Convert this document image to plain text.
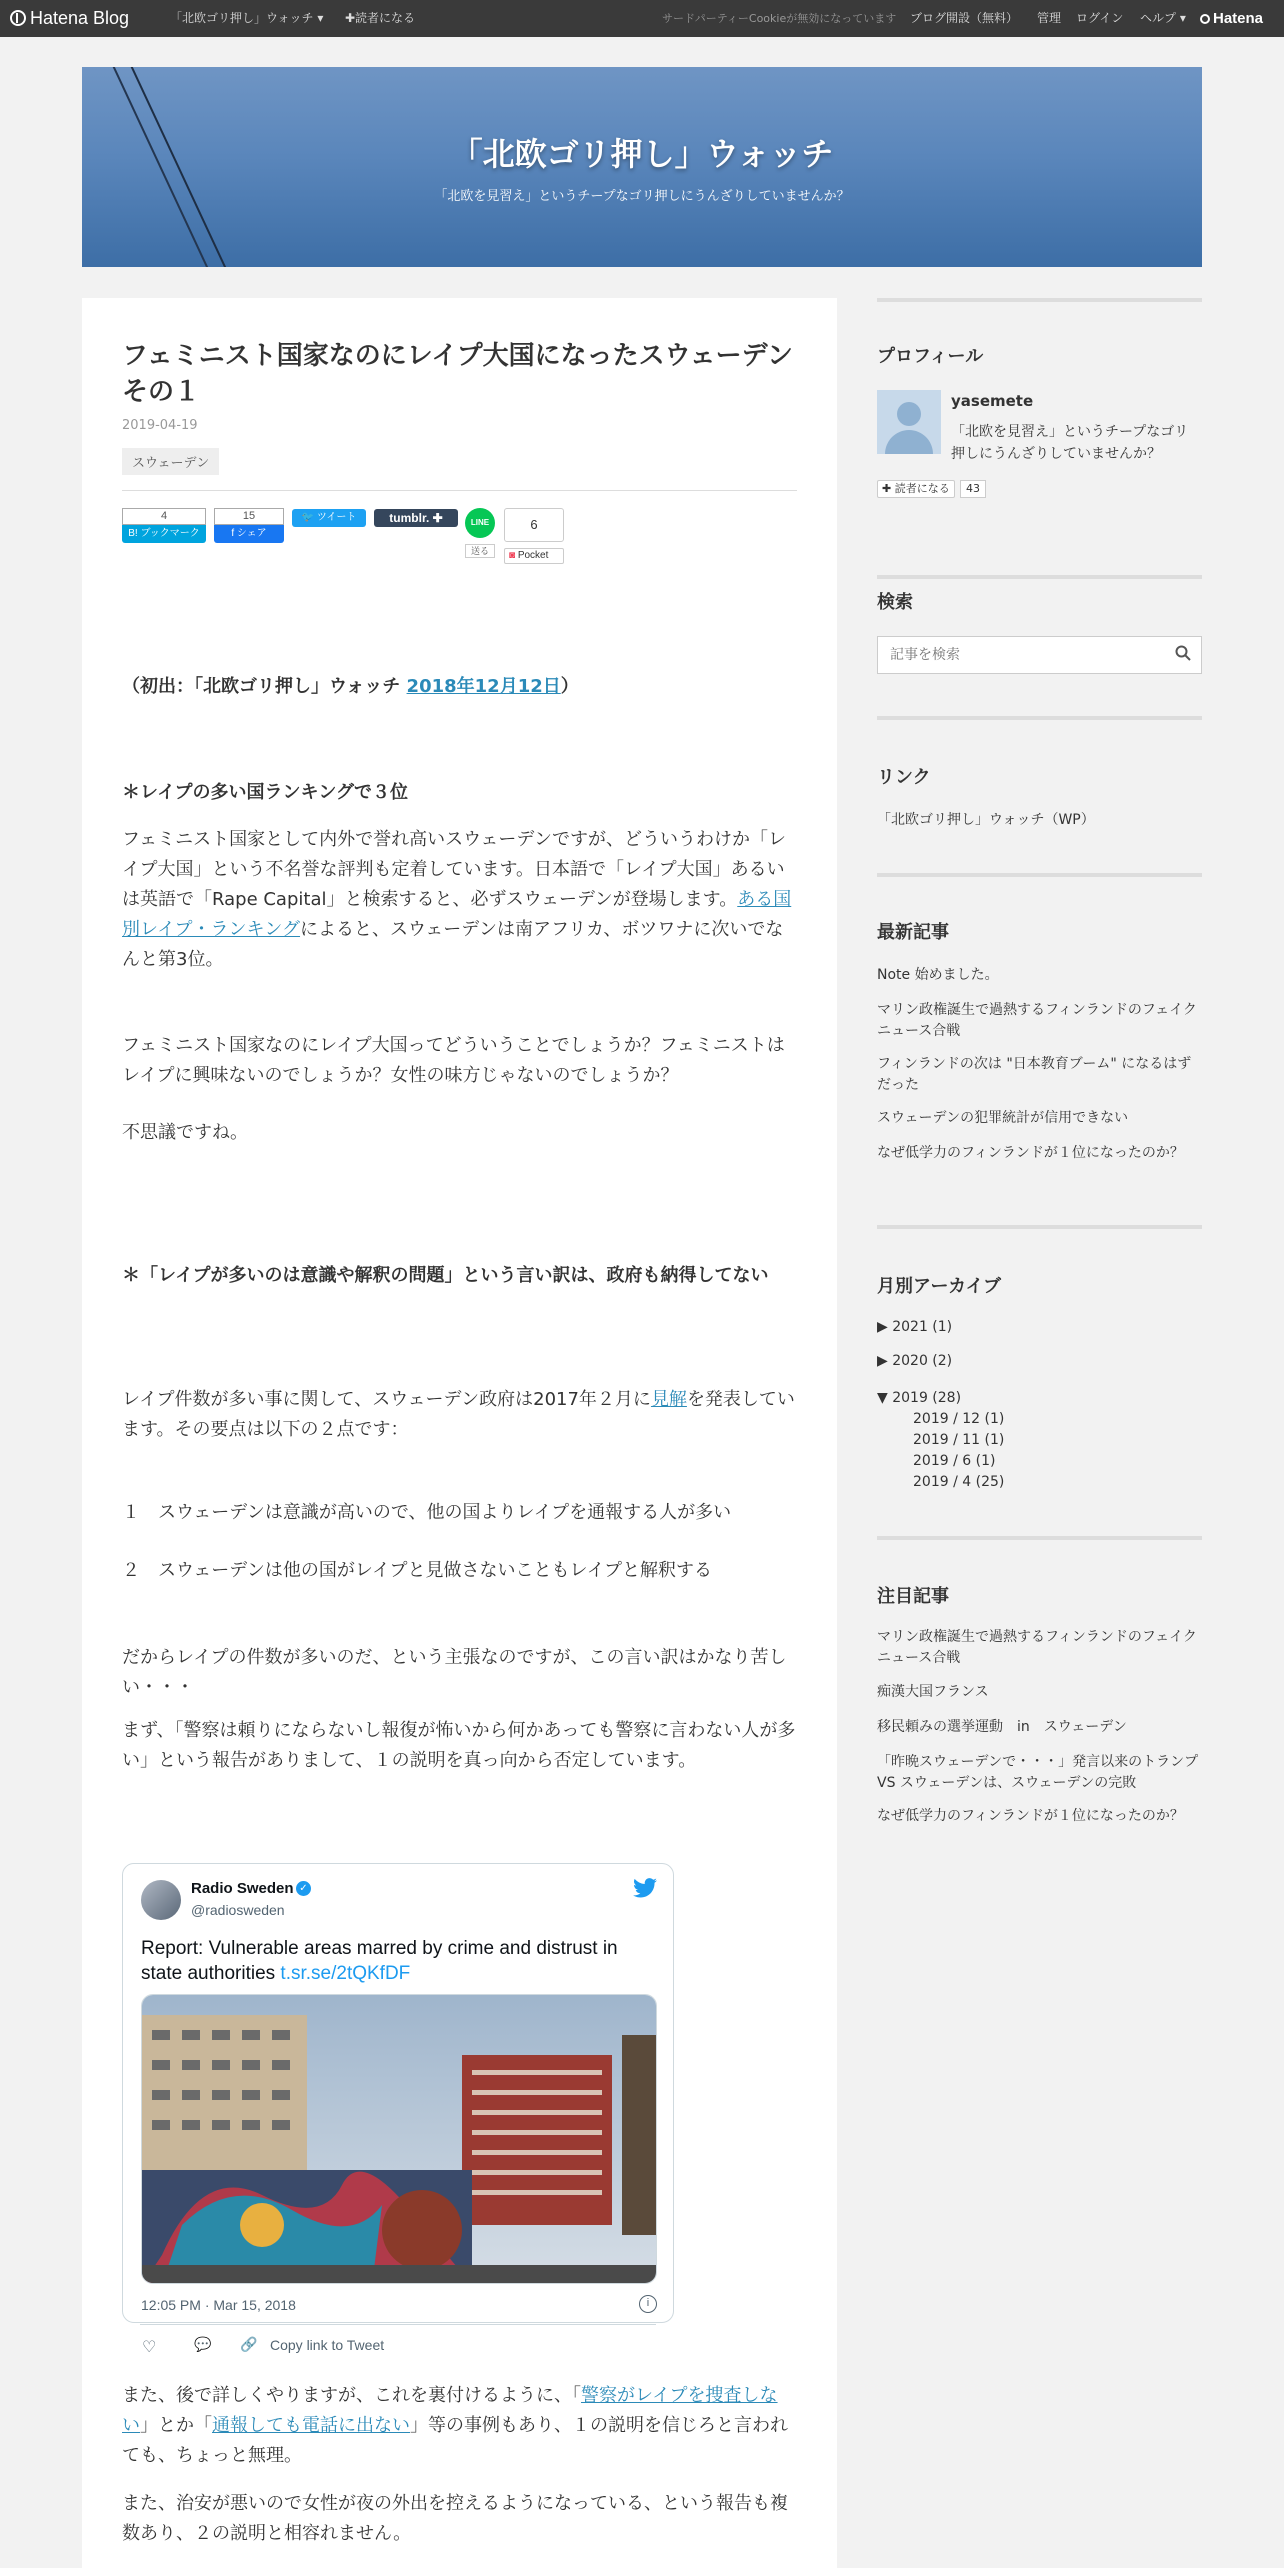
Hatena Blog	「北欧ゴリ押し」ウォッチ ▾ ✚読者になる	サードパーティーCookieが無効になっています ブログ開設（無料） 管理 ログイン ヘルプ ▾	Hatena
「北欧ゴリ押し」ウォッチ
「北欧を見習え」というチープなゴリ押しにうんざりしていませんか？
フェミニスト国家なのにレイプ大国になったスウェーデン　その１
2019-04-19
スウェーデン
4
B! ブックマーク
15
f シェア
🐦 ツイート	tumblr. ✚	LINE
送る
6
◙ Pocket
（初出：「北欧ゴリ押し」ウォッチ 2018年12月12日）
＊レイプの多い国ランキングで３位
フェミニスト国家として内外で誉れ高いスウェーデンですが、どういうわけか「レイプ大国」という不名誉な評判も定着しています。日本語で「レイプ大国」あるいは英語で「Rape Capital」と検索すると、必ずスウェーデンが登場します。ある国別レイプ・ランキングによると、スウェーデンは南アフリカ、ボツワナに次いでなんと第3位。
フェミニスト国家なのにレイプ大国ってどういうことでしょうか？フェミニストはレイプに興味ないのでしょうか？女性の味方じゃないのでしょうか？
不思議ですね。
＊「レイプが多いのは意識や解釈の問題」という言い訳は、政府も納得してない
レイプ件数が多い事に関して、スウェーデン政府は2017年２月に見解を発表しています。その要点は以下の２点です：
１　スウェーデンは意識が高いので、他の国よりレイプを通報する人が多い
２　スウェーデンは他の国がレイプと見做さないこともレイプと解釈する
だからレイプの件数が多いのだ、という主張なのですが、この言い訳はかなり苦しい・・・
まず、「警察は頼りにならないし報復が怖いから何かあっても警察に言わない人が多い」という報告がありまして、１の説明を真っ向から否定しています。
Radio Sweden ✓
@radiosweden
Report: Vulnerable areas marred by crime and distrust in state authorities t.sr.se/2tQKfDF
12:05 PM · Mar 15, 2018	i
♡	💬 🔗 Copy link to Tweet
また、後で詳しくやりますが、これを裏付けるように、「警察がレイプを捜査しない」とか「通報しても電話に出ない」等の事例もあり、１の説明を信じろと言われても、ちょっと無理。
また、治安が悪いので女性が夜の外出を控えるようになっている、という報告も複数あり、２の説明と相容れません。
プロフィール
yasemete
「北欧を見習え」というチープなゴリ押しにうんざりしていませんか？
✚ 読者になる	43
検索
記事を検索
リンク
「北欧ゴリ押し」ウォッチ（WP）
最新記事
Note 始めました。
マリン政権誕生で過熱するフィンランドのフェイクニュース合戦
フィンランドの次は "日本教育ブーム" になるはずだった
スウェーデンの犯罪統計が信用できない
なぜ低学力のフィンランドが１位になったのか？
月別アーカイブ
▶ 2021 (1)
▶ 2020 (2)
▼ 2019 (28)
2019 / 12 (1)
2019 / 11 (1)
2019 / 6 (1)
2019 / 4 (25)
注目記事
マリン政権誕生で過熱するフィンランドのフェイクニュース合戦
痴漢大国フランス
移民頼みの選挙運動　in　スウェーデン
「昨晩スウェーデンで・・・」発言以来のトランプ VS スウェーデンは、スウェーデンの完敗
なぜ低学力のフィンランドが１位になったのか？
